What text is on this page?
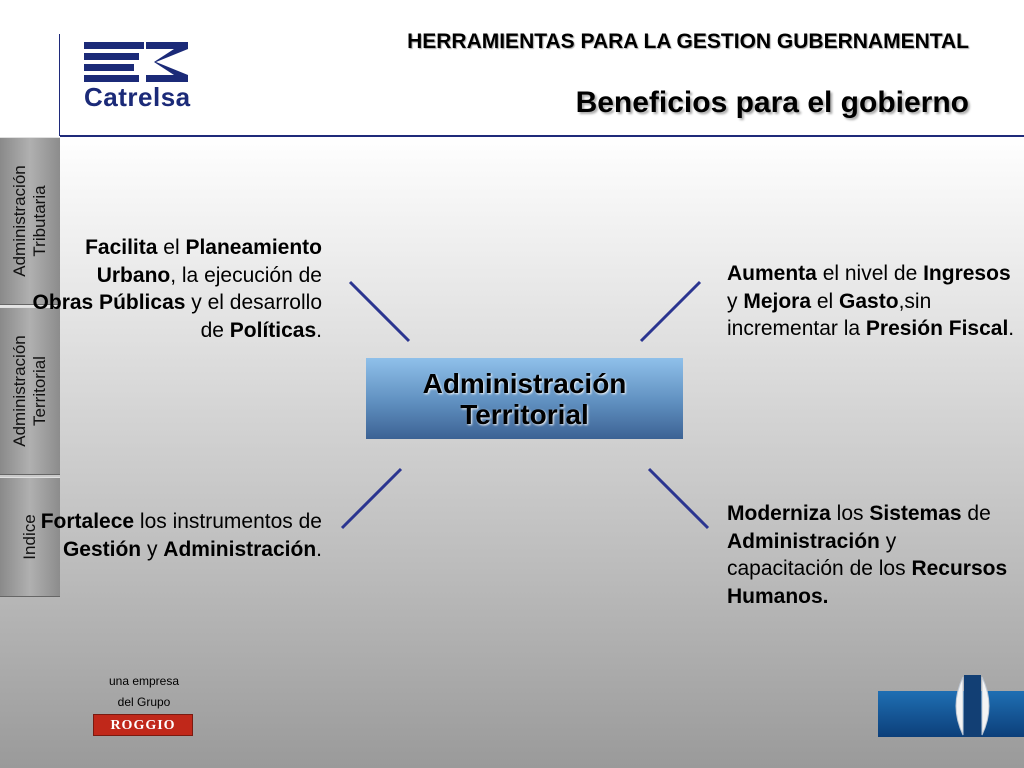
Catrelsa
HERRAMIENTAS PARA LA GESTION GUBERNAMENTAL
Beneficios para el gobierno
Administración Tributaria
Administración Territorial
Indice
Administración
Territorial
Facilita el Planeamiento Urbano, la ejecución de Obras Públicas y el desarrollo de Políticas.
Fortalece los instrumentos de Gestión y Administración.
Aumenta el nivel de Ingresos y Mejora el Gasto,sin incrementar la Presión Fiscal.
Moderniza los Sistemas de Administración y capacitación de los Recursos Humanos.
una empresa
del Grupo
ROGGIO
